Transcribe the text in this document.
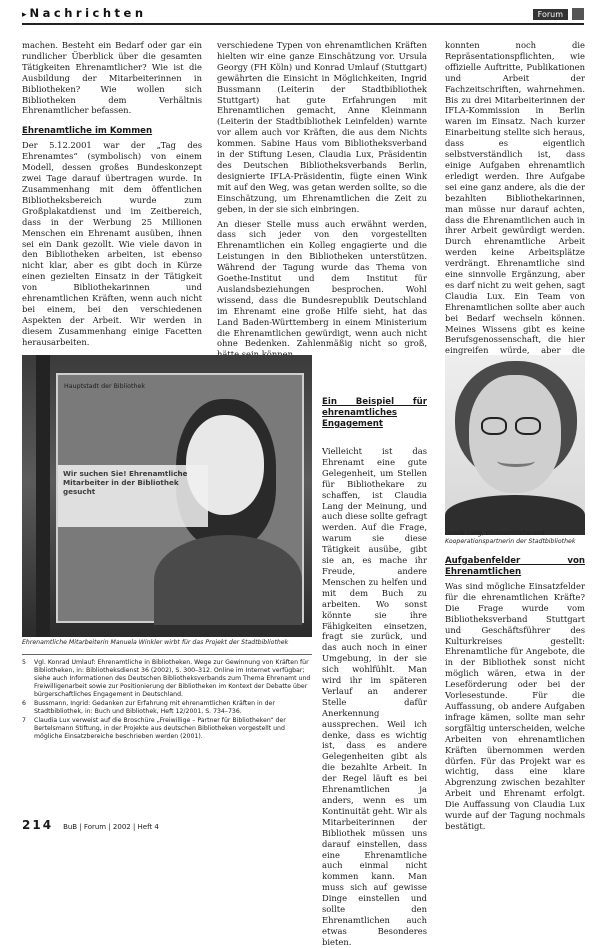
▸ Nachrichten	Forum

machen. Besteht ein Bedarf oder gar ein rundlicher Überblick über die gesamten Tätigkeiten Ehrenamtlicher? Wie ist die Ausbildung der Mitarbeiterinnen in Bibliotheken? Wie wollen sich Bibliotheken dem Verhältnis Ehrenamtlicher befassen.

Ehrenamtliche im Kommen

Der 5.12.2001 war der „Tag des Ehrenamtes“ (symbolisch) von einem Modell, dessen großes Bundeskonzept zwei Tage darauf übertragen wurde. In Zusammenhang mit dem öffentlichen Bibliotheksbereich wurde zum Großplakatdienst und im Zeitbereich, dass in der Werbung 25 Millionen Menschen ein Ehrenamt ausüben, ihnen sei ein Dank gezollt. Wie viele davon in den Bibliotheken arbeiten, ist ebenso nicht klar, aber es gibt doch in Kürze einen gezielten Einsatz in der Tätigkeit von Bibliothekarinnen und ehrenamtlichen Kräften, wenn auch nicht bei einem, bei den verschiedenen Aspekten der Arbeit. Wir werden in diesem Zusammenhang einige Facetten herausarbeiten.

verschiedene Typen von ehrenamtlichen Kräften hielten wir eine ganze Einschätzung vor. Ursula Georgy (FH Köln) und Konrad Umlauf (Stuttgart) gewährten die Einsicht in Möglichkeiten, Ingrid Bussmann (Leiterin der Stadtbibliothek Stuttgart) hat gute Erfahrungen mit Ehrenamtlichen gemacht, Anne Kleinmann (Leiterin der Stadtbibliothek Leinfelden) warnte vor allem auch vor Kräften, die aus dem Nichts kommen. Sabine Haus vom Bibliotheksverband in der Stiftung Lesen, Claudia Lux, Präsidentin des Deutschen Bibliotheksverbands Berlin, designierte IFLA-Präsidentin, fügte einen Wink mit auf den Weg, was getan werden sollte, so die Einschätzung, um Ehrenamtlichen die Zeit zu geben, in der sie sich einbringen.

An dieser Stelle muss auch erwähnt werden, dass sich jeder von den vorgestellten Ehrenamtlichen ein Kolleg engagierte und die Leistungen in den Bibliotheken unterstützen. Während der Tagung wurde das Thema von Goethe-Institut und dem Institut für Auslandsbeziehungen besprochen. Wohl wissend, dass die Bundesrepublik Deutschland im Ehrenamt eine große Hilfe sieht, hat das Land Baden-Württemberg in einem Ministerium die Ehrenamtlichen gewürdigt, wenn auch nicht ohne Bedenken. Zahlenmäßig nicht so groß,

Ein Beispiel für ehrenamtliches Engagement

Vielleicht ist das Ehrenamt eine gute Gelegenheit, um Stellen für Bibliothekare zu schaffen, ist Claudia Lang der Meinung, und auch diese sollte gefragt werden. Auf die Frage, warum sie diese Tätigkeit ausübe, gibt sie an, es mache ihr Freude, andere Menschen zu helfen und mit dem Buch zu arbeiten. Wo sonst könnte sie ihre Fähigkeiten einsetzen, fragt sie zurück, und das auch noch in einer Umgebung, in der sie sich wohlfühlt. Man wird ihr im späteren Verlauf an anderer Stelle dafür Anerkennung aussprechen. Weil ich denke, dass es wichtig ist, dass es andere Gelegenheiten gibt als die bezahlte Arbeit. In der Regel läuft es bei Ehrenamtlichen ja anders, wenn es um Kontinuität geht. Wir als Mitarbeiterinnen der Bibliothek müssen uns darauf einstellen, dass eine Ehrenamtliche auch einmal nicht kommen kann. Man muss sich auf gewisse Dinge einstellen und sollte den Ehrenamtlichen auch etwas Besonderes bieten.

konnten noch die Repräsentationspflichten, wie offizielle Auftritte, Publikationen und Arbeit der Fachzeitschriften, wahrnehmen. Bis zu drei Mitarbeiterinnen der IFLA-Kommission in Berlin waren im Einsatz. Nach kurzer Einarbeitung stellte sich heraus, dass es eigentlich selbstverständlich ist, dass einige Aufgaben ehrenamtlich erledigt werden. Ihre Aufgabe sei eine ganz andere, als die der bezahlten Bibliothekarinnen, man müsse nur darauf achten, dass die Ehrenamtlichen auch in ihrer Arbeit gewürdigt werden. Durch ehrenamtliche Arbeit werden keine Arbeitsplätze verdrängt. Ehrenamtliche sind eine sinnvolle Ergänzung, aber es darf nicht zu weit gehen, sagt Claudia Lux. Ein Team von Ehrenamtlichen sollte aber auch bei Bedarf wechseln können. Meines Wissens gibt es keine Berufsgenossenschaft, die hier eingreifen würde, aber die

Hauptstadt der Bibliothek
Wir suchen Sie! Ehrenamtliche Mitarbeiter in der Bibliothek gesucht
Ehrenamtliche Mitarbeiterin Manuela Winkler wirbt für das Projekt der Stadtbibliothek
Ursula Lang, Ehrenamtliche und Kooperationspartnerin der Stadtbibliothek

Aufgabenfelder von Ehrenamtlichen

Was sind mögliche Einsatzfelder für die ehrenamtlichen Kräfte? Die Frage wurde vom Bibliotheksverband Stuttgart und Geschäftsführer des Kulturkreises gestellt: Ehrenamtliche für Angebote, die in der Bibliothek sonst nicht möglich wären, etwa in der Leseförderung oder bei der Vorlesestunde. Für die Auffassung, ob andere Aufgaben infrage kämen, sollte man sehr sorgfältig unterscheiden, welche Arbeiten von ehrenamtlichen Kräften übernommen werden dürfen. Für das Projekt war es wichtig, dass eine klare Abgrenzung zwischen bezahlter Arbeit und Ehrenamt erfolgt. Die Auffassung von Claudia Lux wurde auf der Tagung nochmals bestätigt.

5	Vgl. Konrad Umlauf: Ehrenamtliche in Bibliotheken. Wege zur Gewinnung von Kräften für Bibliotheken, in: Bibliotheksdienst 36 (2002), S. 300–312. Online im Internet verfügbar; siehe auch Informationen des Deutschen Bibliotheksverbands zum Thema Ehrenamt und Freiwilligenarbeit sowie zur Positionierung der Bibliotheken im Kontext der Debatte über bürgerschaftliches Engagement in Deutschland.
6	Bussmann, Ingrid: Gedanken zur Erfahrung mit ehrenamtlichen Kräften in der Stadtbibliothek, in: Buch und Bibliothek, Heft 12/2001, S. 734–736.
7	Claudia Lux verweist auf die Broschüre „Freiwillige – Partner für Bibliotheken“ der Bertelsmann Stiftung, in der Projekte aus deutschen Bibliotheken vorgestellt und mögliche Einsatzbereiche beschrieben werden (2001).
214 BuB | Forum | 2002 | Heft 4
